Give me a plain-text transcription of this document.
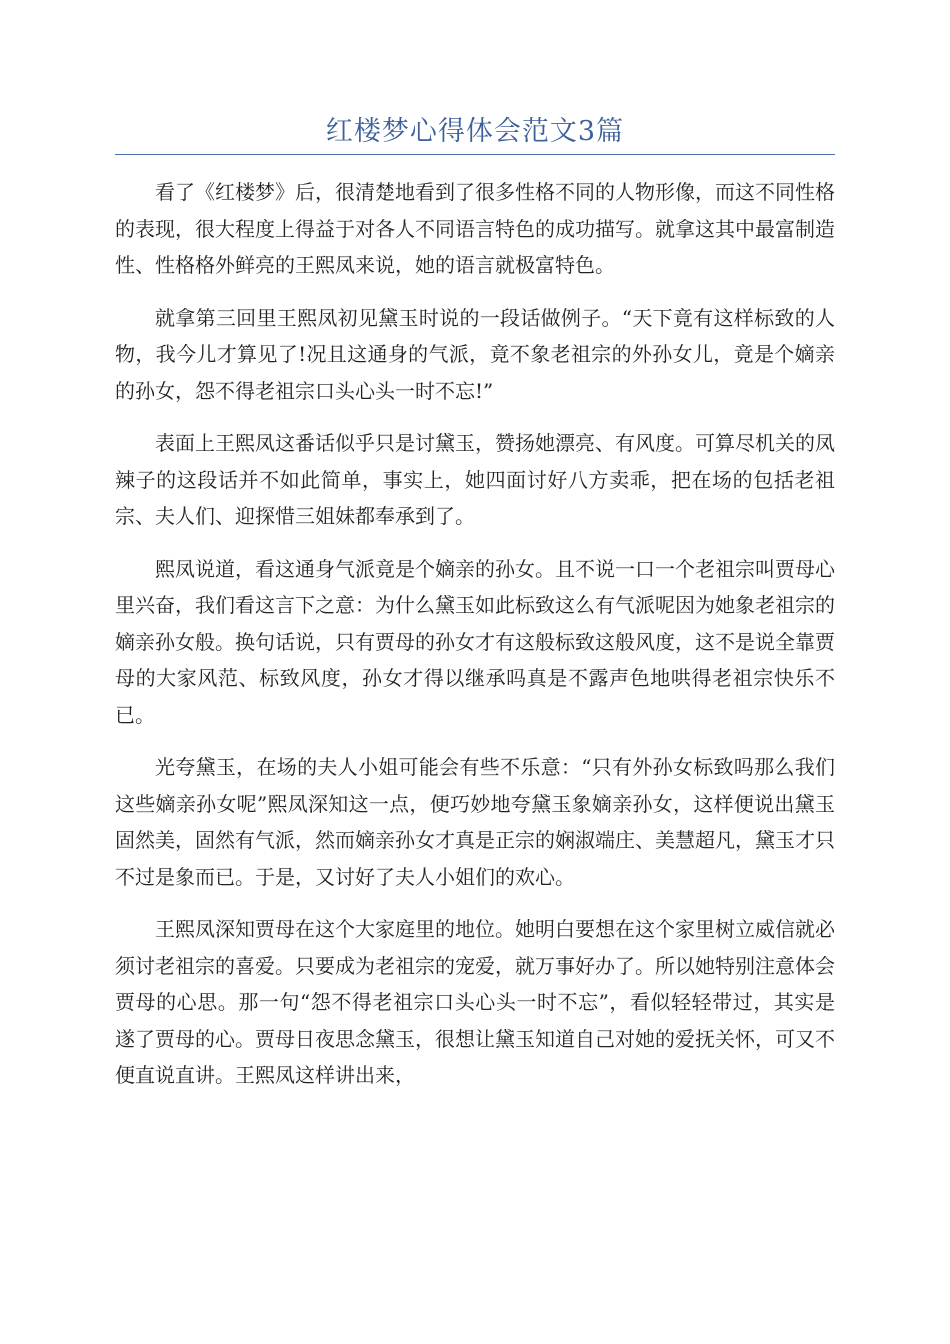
红楼梦心得体会范文3篇

看了《红楼梦》后，很清楚地看到了很多性格不同的人物形像，而这不同性格的表现，很大程度上得益于对各人不同语言特色的成功描写。就拿这其中最富制造性、性格格外鲜亮的王熙凤来说，她的语言就极富特色。

就拿第三回里王熙凤初见黛玉时说的一段话做例子。“天下竟有这样标致的人物，我今儿才算见了!况且这通身的气派，竟不象老祖宗的外孙女儿，竟是个嫡亲的孙女，怨不得老祖宗口头心头一时不忘!”

表面上王熙凤这番话似乎只是讨黛玉，赞扬她漂亮、有风度。可算尽机关的凤辣子的这段话并不如此简单，事实上，她四面讨好八方卖乖，把在场的包括老祖宗、夫人们、迎探惜三姐妹都奉承到了。

熙凤说道，看这通身气派竟是个嫡亲的孙女。且不说一口一个老祖宗叫贾母心里兴奋，我们看这言下之意：为什么黛玉如此标致这么有气派呢因为她象老祖宗的嫡亲孙女般。换句话说，只有贾母的孙女才有这般标致这般风度，这不是说全靠贾母的大家风范、标致风度，孙女才得以继承吗真是不露声色地哄得老祖宗快乐不已。

光夸黛玉，在场的夫人小姐可能会有些不乐意：“只有外孙女标致吗那么我们这些嫡亲孙女呢”熙凤深知这一点，便巧妙地夸黛玉象嫡亲孙女，这样便说出黛玉固然美，固然有气派，然而嫡亲孙女才真是正宗的娴淑端庄、美慧超凡，黛玉才只不过是象而已。于是，又讨好了夫人小姐们的欢心。

王熙凤深知贾母在这个大家庭里的地位。她明白要想在这个家里树立威信就必须讨老祖宗的喜爱。只要成为老祖宗的宠爱，就万事好办了。所以她特别注意体会贾母的心思。那一句“怨不得老祖宗口头心头一时不忘”，看似轻轻带过，其实是遂了贾母的心。贾母日夜思念黛玉，很想让黛玉知道自己对她的爱抚关怀，可又不便直说直讲。王熙凤这样讲出来，
